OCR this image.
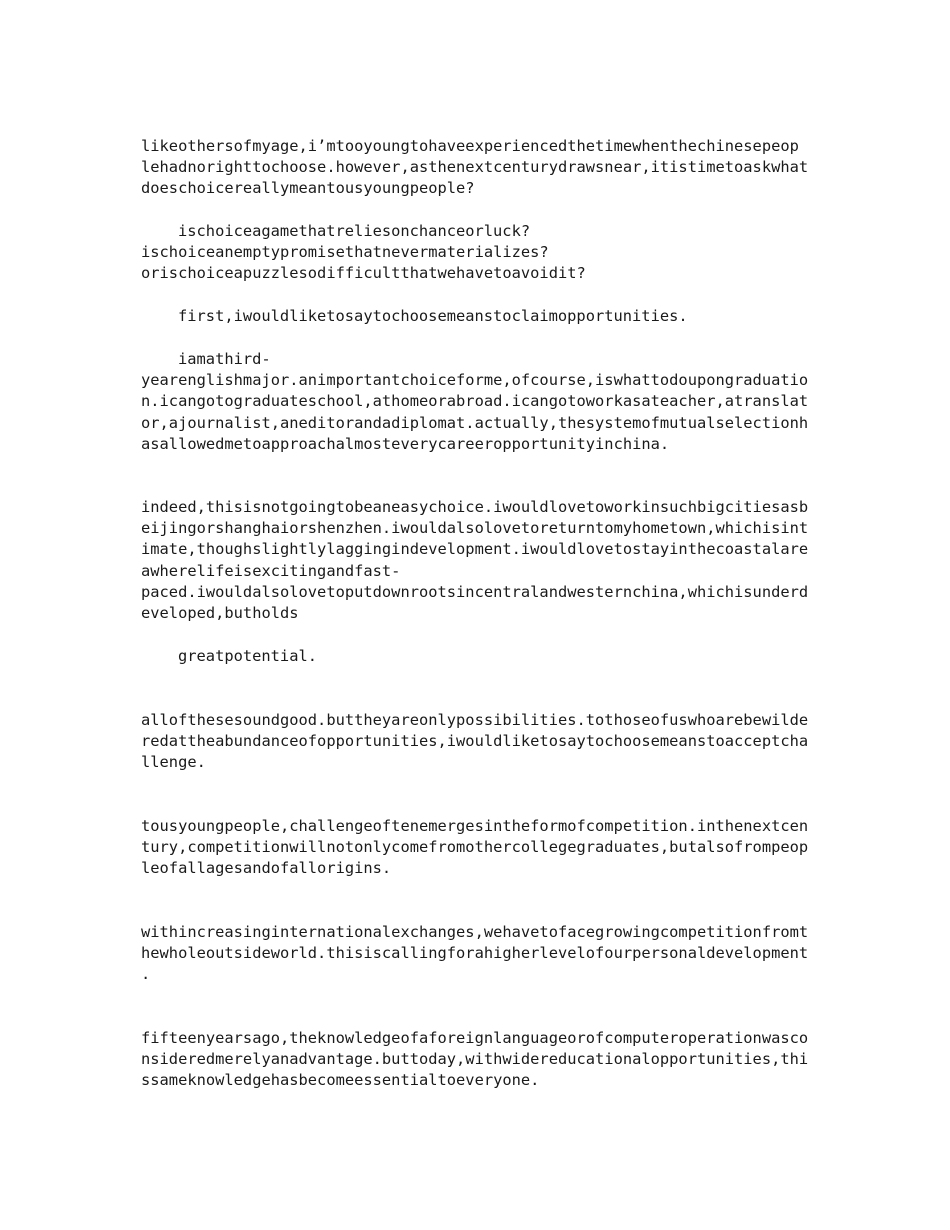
likeothersofmyage,i’mtooyoungtohaveexperiencedthetimewhenthechinesepeop
lehadnorighttochoose.however,asthenextcenturydrawsnear,itistimetoaskwhat
doeschoicereallymeantousyoungpeople?
ischoiceagamethatreliesonchanceorluck?
ischoiceanemptypromisethatnevermaterializes?
orischoiceapuzzlesodifficultthatwehavetoavoidit?
first,iwouldliketosaytochoosemeanstoclaimopportunities.
iamathird-
yearenglishmajor.animportantchoiceforme,ofcourse,iswhattodoupongraduatio
n.icangotograduateschool,athomeorabroad.icangotoworkasateacher,atranslat
or,ajournalist,aneditorandadiplomat.actually,thesystemofmutualselectionh
asallowedmetoapproachalmosteverycareeropportunityinchina.
indeed,thisisnotgoingtobeaneasychoice.iwouldlovetoworkinsuchbigcitiesasb
eijingorshanghaiorshenzhen.iwouldalsolovetoreturntomyhometown,whichisint
imate,thoughslightlylaggingindevelopment.iwouldlovetostayinthecoastalare
awherelifeisexcitingandfast-
paced.iwouldalsolovetoputdownrootsincentralandwesternchina,whichisunderd
eveloped,butholds
greatpotential.
allofthesesoundgood.buttheyareonlypossibilities.tothoseofuswhoarebewilde
redattheabundanceofopportunities,iwouldliketosaytochoosemeanstoacceptcha
llenge.
tousyoungpeople,challengeoftenemergesintheformofcompetition.inthenextcen
tury,competitionwillnotonlycomefromothercollegegraduates,butalsofrompeop
leofallagesandofallorigins.
withincreasinginternationalexchanges,wehavetofacegrowingcompetitionfromt
hewholeoutsideworld.thisiscallingforahigherlevelofourpersonaldevelopment
.
fifteenyearsago,theknowledgeofaforeignlanguageorofcomputeroperationwasco
nsideredmerelyanadvantage.buttoday,withwidereducationalopportunities,thi
ssameknowledgehasbecomeessentialtoeveryone.
